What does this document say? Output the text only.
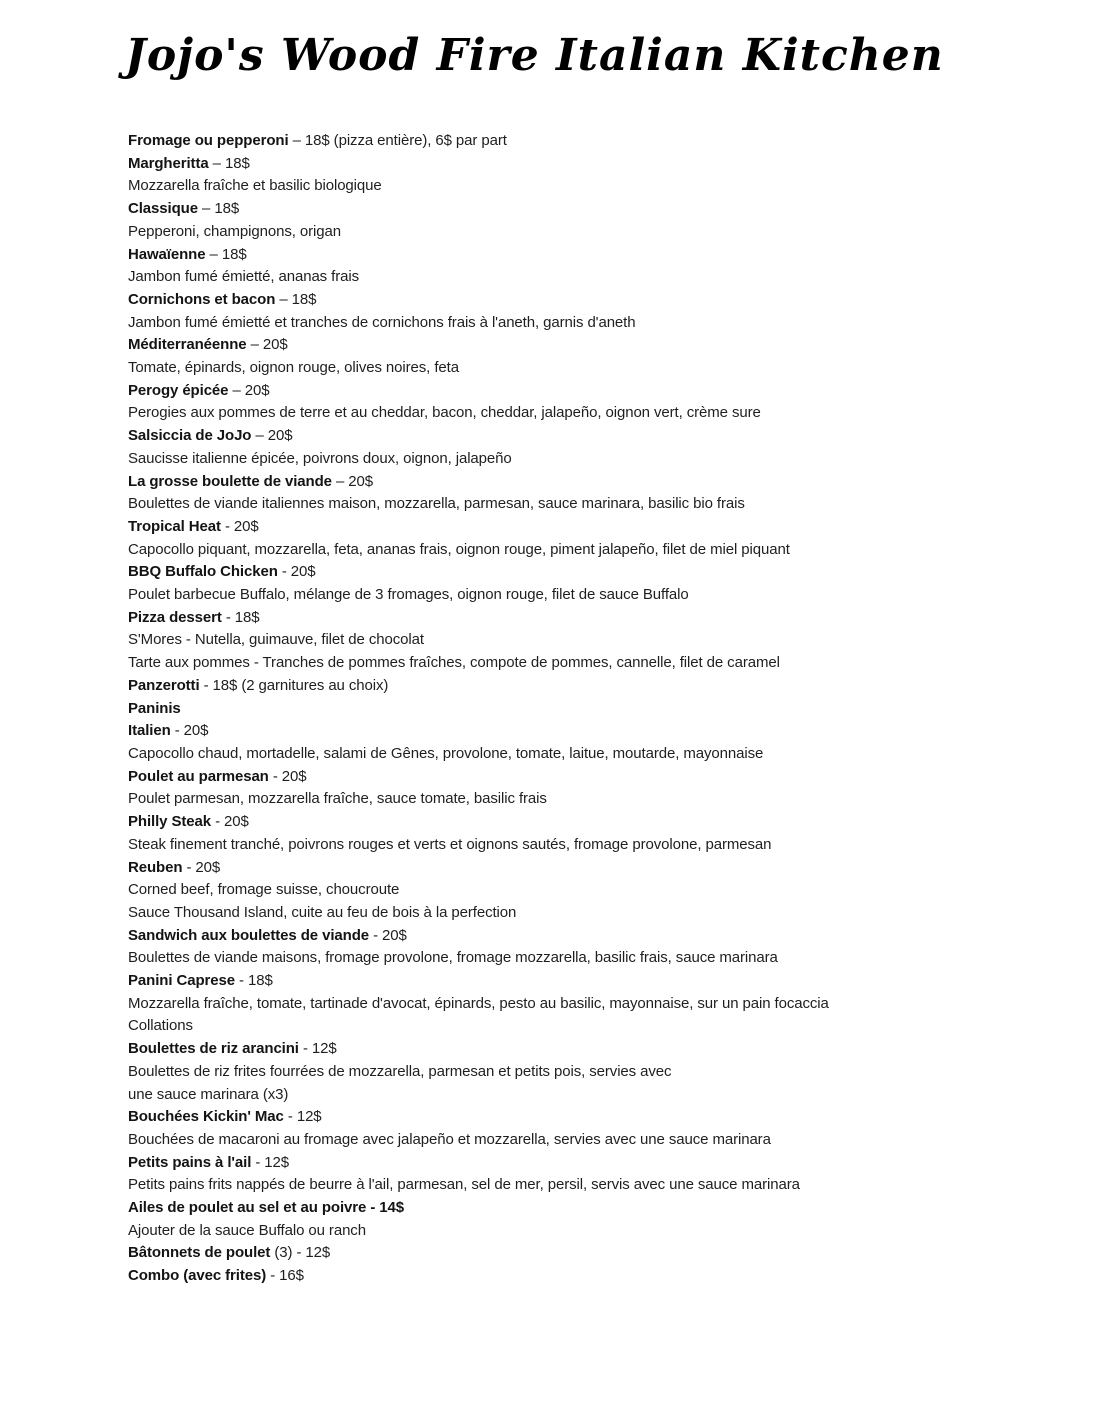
Jojo's Wood Fire Italian Kitchen

Fromage ou pepperoni – 18$ (pizza entière), 6$ par part

Margheritta – 18$

Mozzarella fraîche et basilic biologique

Classique – 18$

Pepperoni, champignons, origan

Hawaïenne – 18$

Jambon fumé émietté, ananas frais

Cornichons et bacon – 18$

Jambon fumé émietté et tranches de cornichons frais à l'aneth, garnis d'aneth

Méditerranéenne – 20$

Tomate, épinards, oignon rouge, olives noires, feta

Perogy épicée – 20$

Perogies aux pommes de terre et au cheddar, bacon, cheddar, jalapeño, oignon vert, crème sure

Salsiccia de JoJo – 20$

Saucisse italienne épicée, poivrons doux, oignon, jalapeño

La grosse boulette de viande – 20$

Boulettes de viande italiennes maison, mozzarella, parmesan, sauce marinara, basilic bio frais

Tropical Heat - 20$

Capocollo piquant, mozzarella, feta, ananas frais, oignon rouge, piment jalapeño, filet de miel piquant

BBQ Buffalo Chicken - 20$

Poulet barbecue Buffalo, mélange de 3 fromages, oignon rouge, filet de sauce Buffalo

Pizza dessert - 18$

S'Mores - Nutella, guimauve, filet de chocolat

Tarte aux pommes - Tranches de pommes fraîches, compote de pommes, cannelle, filet de caramel

Panzerotti - 18$ (2 garnitures au choix)

Paninis

Italien - 20$

Capocollo chaud, mortadelle, salami de Gênes, provolone, tomate, laitue, moutarde, mayonnaise

Poulet au parmesan - 20$

Poulet parmesan, mozzarella fraîche, sauce tomate, basilic frais

Philly Steak - 20$

Steak finement tranché, poivrons rouges et verts et oignons sautés, fromage provolone, parmesan

Reuben - 20$

Corned beef, fromage suisse, choucroute

Sauce Thousand Island, cuite au feu de bois à la perfection

Sandwich aux boulettes de viande - 20$

Boulettes de viande maisons, fromage provolone, fromage mozzarella, basilic frais, sauce marinara

Panini Caprese - 18$

Mozzarella fraîche, tomate, tartinade d'avocat, épinards, pesto au basilic, mayonnaise, sur un pain focaccia

Collations

Boulettes de riz arancini - 12$

Boulettes de riz frites fourrées de mozzarella, parmesan et petits pois, servies avec

une sauce marinara (x3)

Bouchées Kickin' Mac - 12$

Bouchées de macaroni au fromage avec jalapeño et mozzarella, servies avec une sauce marinara

Petits pains à l'ail - 12$

Petits pains frits nappés de beurre à l'ail, parmesan, sel de mer, persil, servis avec une sauce marinara

Ailes de poulet au sel et au poivre - 14$

Ajouter de la sauce Buffalo ou ranch

Bâtonnets de poulet (3) - 12$

Combo (avec frites) - 16$
